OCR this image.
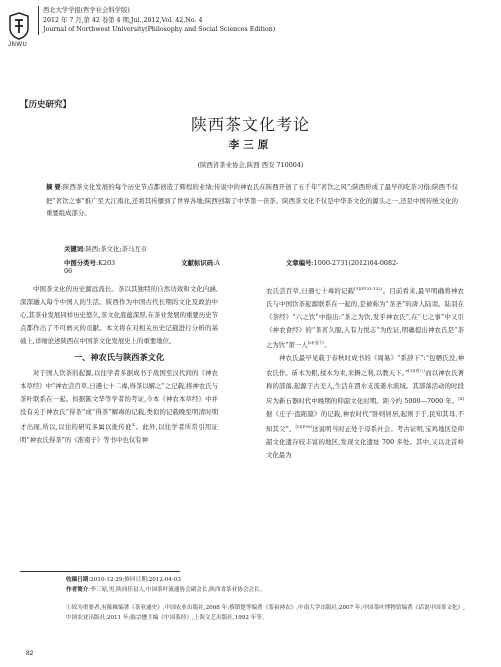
JNWU
西北大学学报(哲学社会科学版)
2012 年 7 月,第 42 卷第 4 期,Jul.,2012,Vol. 42,No. 4
Journal of Northwest University(Philosophy and Social Sciences Edition)
【历史研究】
陕西茶文化考论
李三原
(陕西省茶业协会,陕西 西安 710004)
摘 要:陕西茶文化发展的每个历史节点都创造了辉煌的业绩;传说中的神农氏在陕西开创了五千年“茗饮之风”;陕西形成了最早的吃茶习俗;陕西不仅把“茗饮之事”推广至大江南北,还将其传播到了世界各地;陕西创制了中华第一茯茶。陕西茶文化不仅是中华茶文化的源头之一,还是中国传统文化的重要组成部分。
关键词:陕西;茶文化;茶马互市
中图分类号:K203	文献标识码:A	文章编号:1000-2731(2012)04-0082-06

中国茶文化的历史源远流长。茶以其独特的自然功效和文化内涵,深深融入每个中国人的生活。陕西作为中国古代长期的文化及政治中心,其茶业发展同样历史悠久,茶文化底蕴深厚,在茶业发展的重要历史节点都作出了不可磨灭的贡献。本文将在对相关历史记载进行分析的基础上,详细论述陕西在中国茶文化发展史上的重要地位。

一、神农氏与陕西茶文化

对于国人饮茶的起源,以往学者多据成书于战国至汉代间的《神农本草经》中“神农尝百草,日遇七十二毒,得茶以解之”之记载,将神农氏与茶叶联系在一起。但据陈文华等学者的考证,今本《神农本草经》中并没有关于神农氏“得茶”或“得茶”解毒的记载,类似的记载晚至明清时期才出现,所以,以往的研究多属以讹传讹①。此外,以往学者所常引用证明“神农氏得茶”的《淮南子》等书中也仅有神

农氏尝百草,日遇七十毒的记载$^{[1](P131-132)}$。目前看来,最早明确将神农氏与中国饮茶起源联系在一起的,是被称为“茶圣”的唐人陆羽。陆羽在《茶经》“六之饮”中指出:“茶之为饮,发乎神农氏”,在“七之事”中又引《神农食经》的“茶茗久服,人有力悦志”为佐证,明确提出神农氏是“茶之为饮”第一人$^{[2](卷下)}$。

神农氏最早见载于春秋时成书的《周易》“系辞下”:“包牺氏没,神农氏作。斫木为耜,揉木为耒,耒耨之利,以教天下。”$^{[3](卷八)}$而以神农氏著称的部落,起源于古羌人,生活在渭水支流姜水流域。其部落活动的时段应为新石器时代中晚期的仰韶文化时期。距今约 5000—7000 年。[4]据《庄子·盗跖篇》的记载,神农时代“卧则居居,起则于于,民知其母,不知其父”。$^{[5](P99)}$这说明当时正处于母系社会。考古证明,宝鸡地区是仰韶文化遗存较丰富的地区,发现文化遗址 700 多处。其中,又以北首岭文化最为

收稿日期:2010-12-29;修回日期:2012-04-03
作者简介:李三原,男,陕西佳县人,中国茶叶流通协会副会长,陕西省茶业协会会长。
①较为重要者,有陈椽编著《茶业通史》,中国农业出版社,2008 年;蔡镇楚等编著《茶祖神农》,中南大学出版社,2007 年;中国茶叶博物馆编著《话说中国茶文化》,中国农业出版社,2011 年;陈宗懋主编《中国茶经》,上海文艺出版社,1992 年等。
82
